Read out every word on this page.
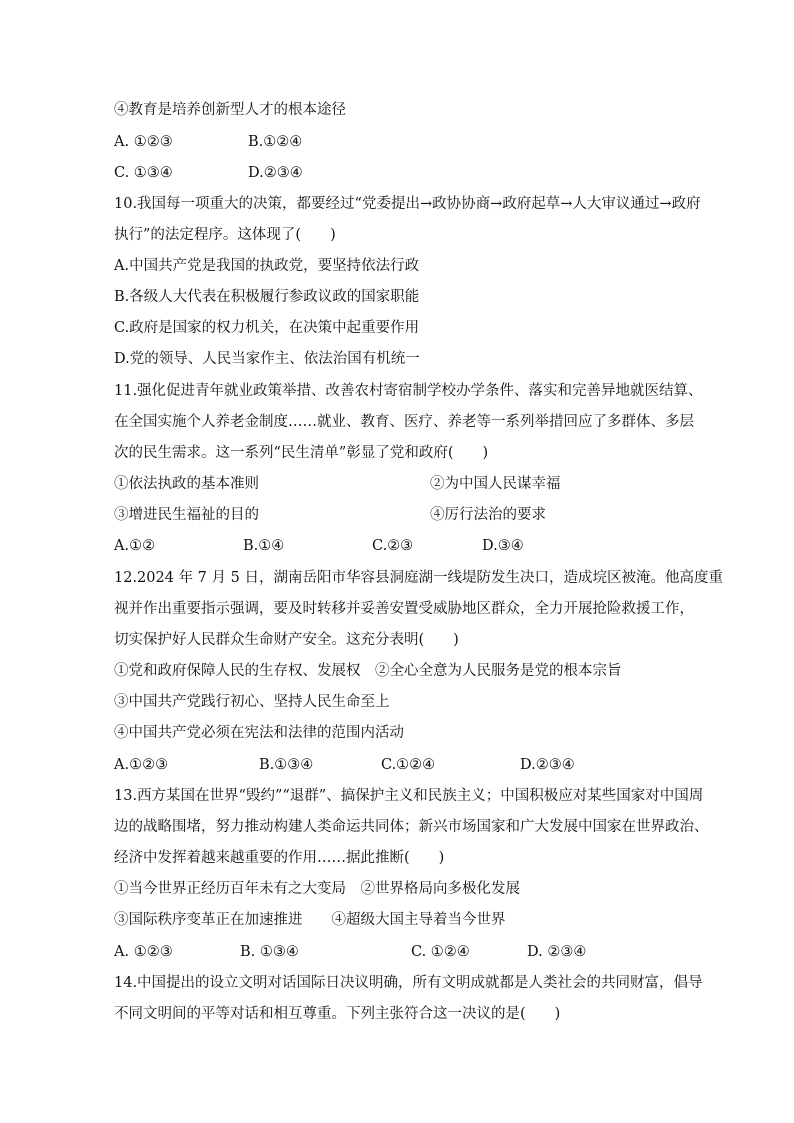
④教育是培养创新型人才的根本途径
A. ①②③	B.①②④
C. ①③④	D.②③④
10.我国每一项重大的决策，都要经过“党委提出→政协协商→政府起草→人大审议通过→政府
执行”的法定程序。这体现了(　　)
A.中国共产党是我国的执政党，要坚持依法行政
B.各级人大代表在积极履行参政议政的国家职能
C.政府是国家的权力机关，在决策中起重要作用
D.党的领导、人民当家作主、依法治国有机统一
11.强化促进青年就业政策举措、改善农村寄宿制学校办学条件、落实和完善异地就医结算、
在全国实施个人养老金制度……就业、教育、医疗、养老等一系列举措回应了多群体、多层
次的民生需求。这一系列“民生清单”彰显了党和政府(　　)
①依法执政的基本准则	②为中国人民谋幸福
③增进民生福祉的目的	④厉行法治的要求
A.①②	B.①④	C.②③	D.③④
12.2024 年 7 月 5 日，湖南岳阳市华容县洞庭湖一线堤防发生决口，造成垸区被淹。他高度重
视并作出重要指示强调，要及时转移并妥善安置受威胁地区群众，全力开展抢险救援工作，
切实保护好人民群众生命财产安全。这充分表明(　　)
①党和政府保障人民的生存权、发展权　②全心全意为人民服务是党的根本宗旨
③中国共产党践行初心、坚持人民生命至上
④中国共产党必须在宪法和法律的范围内活动
A.①②③	B.①③④	C.①②④	D.②③④
13.西方某国在世界“毁约”“退群”、搞保护主义和民族主义；中国积极应对某些国家对中国周
边的战略围堵，努力推动构建人类命运共同体；新兴市场国家和广大发展中国家在世界政治、
经济中发挥着越来越重要的作用……据此推断(　　)
①当今世界正经历百年未有之大变局　②世界格局向多极化发展
③国际秩序变革正在加速推进　　④超级大国主导着当今世界
A. ①②③	B. ①③④	C. ①②④	D. ②③④
14.中国提出的设立文明对话国际日决议明确，所有文明成就都是人类社会的共同财富，倡导
不同文明间的平等对话和相互尊重。下列主张符合这一决议的是(　　)
